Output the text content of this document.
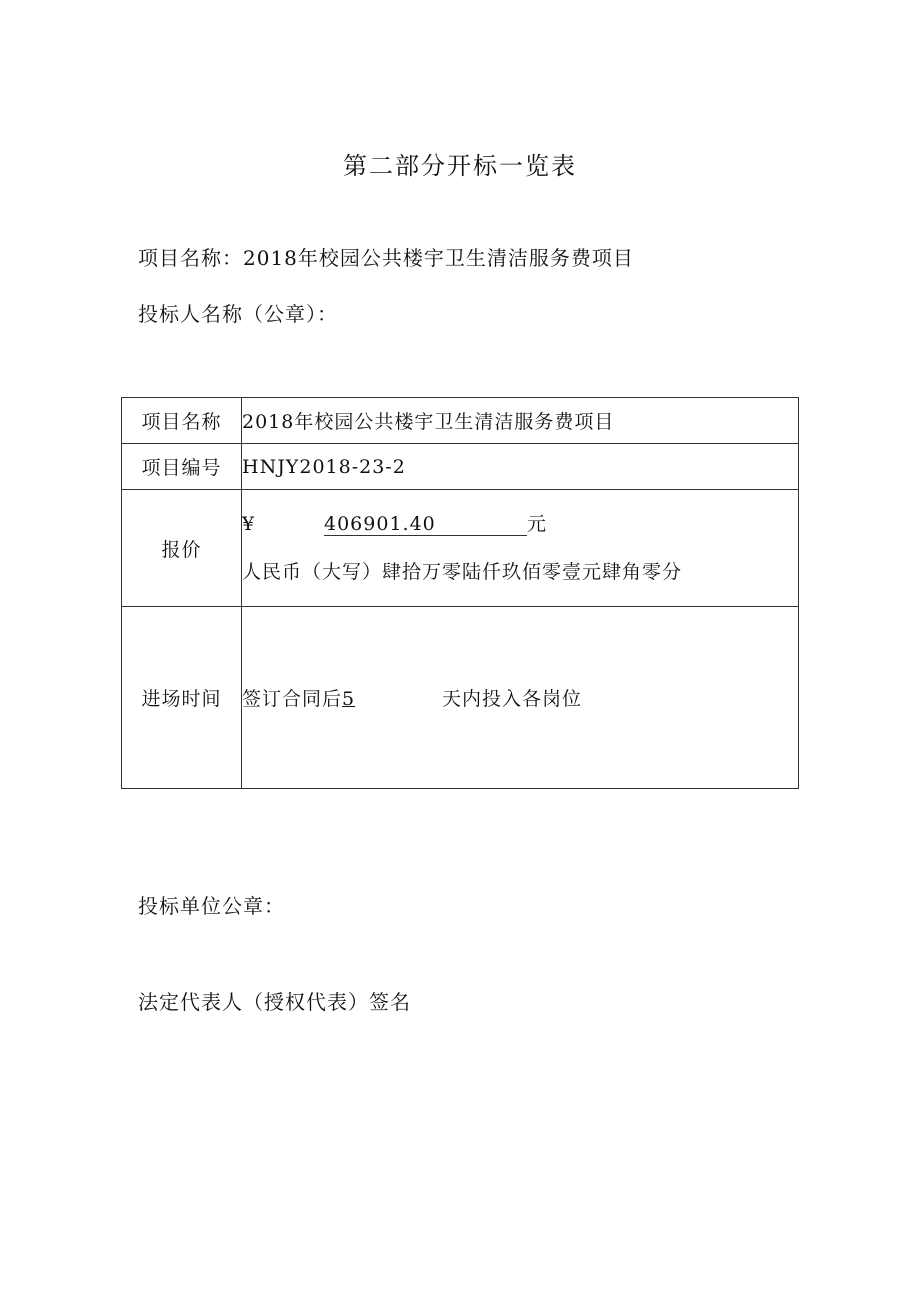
第二部分开标一览表
项目名称：2018年校园公共楼宇卫生清洁服务费项目
投标人名称（公章）：
项目名称	2018年校园公共楼宇卫生清洁服务费项目
项目编号	HNJY2018-23-2
报价	¥ 406901.40 元
人民币（大写）肆拾万零陆仟玖佰零壹元肆角零分

进场时间	签订合同后5 天内投入各岗位
投标单位公章：
法定代表人（授权代表）签名
